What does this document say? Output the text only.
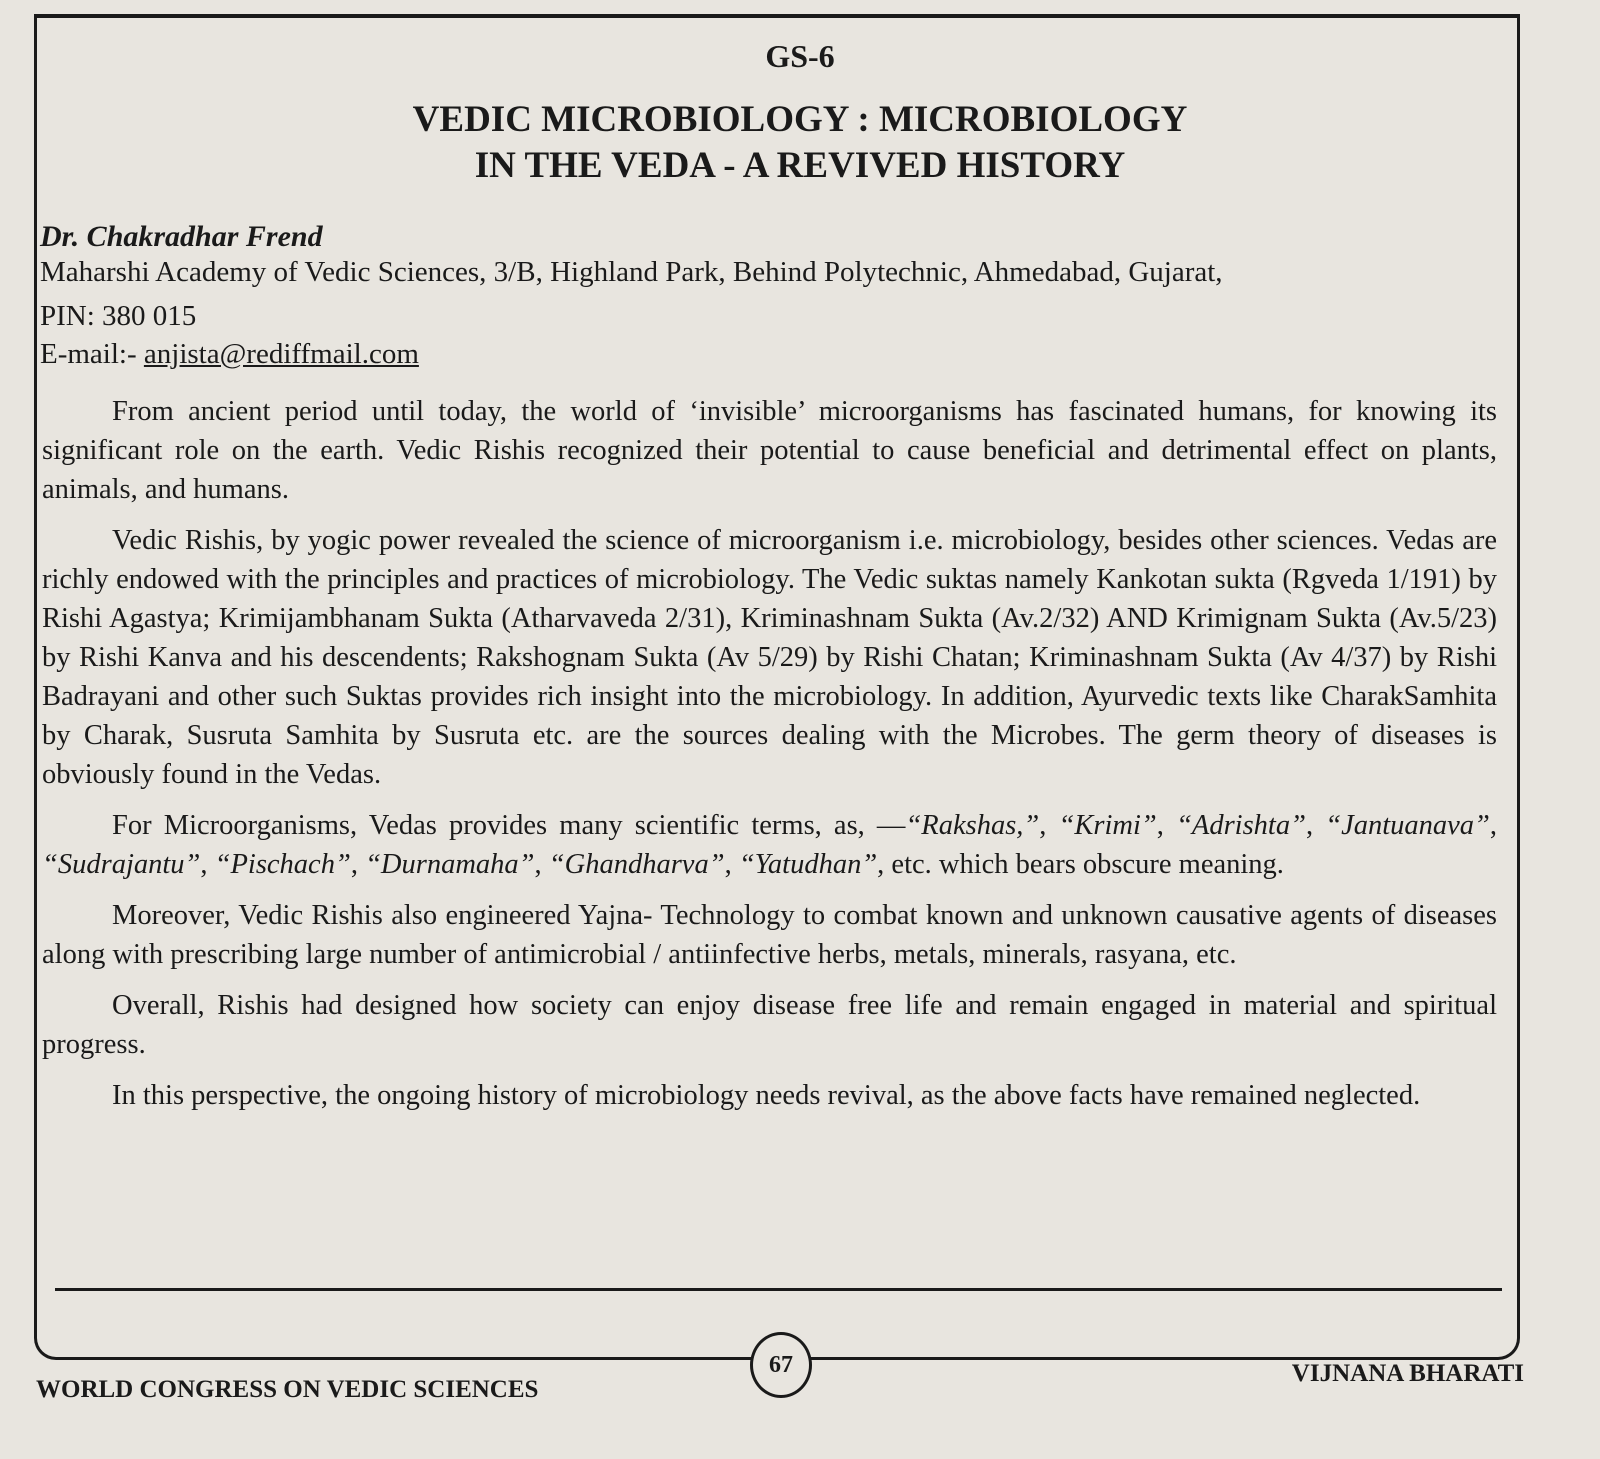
GS-6
VEDIC MICROBIOLOGY : MICROBIOLOGY
IN THE VEDA - A REVIVED HISTORY
Dr. Chakradhar Frend
Maharshi Academy of Vedic Sciences, 3/B, Highland Park, Behind Polytechnic, Ahmedabad, Gujarat,
PIN: 380 015
E-mail:- anjista@rediffmail.com

From ancient period until today, the world of ‘invisible’ microorganisms has fascinated humans, for knowing its significant role on the earth. Vedic Rishis recognized their potential to cause beneficial and detrimental effect on plants, animals, and humans.

Vedic Rishis, by yogic power revealed the science of microorganism i.e. microbiology, besides other sciences. Vedas are richly endowed with the principles and practices of microbiology. The Vedic suktas namely Kankotan sukta (Rgveda 1/191) by Rishi Agastya; Krimijambhanam Sukta (Atharvaveda 2/31), Kriminashnam Sukta (Av.2/32) AND Krimignam Sukta (Av.5/23) by Rishi Kanva and his descendents; Rakshognam Sukta (Av 5/29) by Rishi Chatan; Kriminashnam Sukta (Av 4/37) by Rishi Badrayani and other such Suktas provides rich insight into the microbiology. In addition, Ayurvedic texts like CharakSamhita by Charak, Susruta Samhita by Susruta etc. are the sources dealing with the Microbes. The germ theory of diseases is obviously found in the Vedas.

For Microorganisms, Vedas provides many scientific terms, as, —“Rakshas,”, “Krimi”, “Adrishta”, “Jantuanava”, “Sudrajantu”, “Pischach”, “Durnamaha”, “Ghandharva”, “Yatudhan”, etc. which bears obscure meaning.

Moreover, Vedic Rishis also engineered Yajna- Technology to combat known and unknown causative agents of diseases along with prescribing large number of antimicrobial / antiinfective herbs, metals, minerals, rasyana, etc.

Overall, Rishis had designed how society can enjoy disease free life and remain engaged in material and spiritual progress.

In this perspective, the ongoing history of microbiology needs revival, as the above facts have remained neglected.

67
WORLD CONGRESS ON VEDIC SCIENCES
VIJNANA BHARATI
